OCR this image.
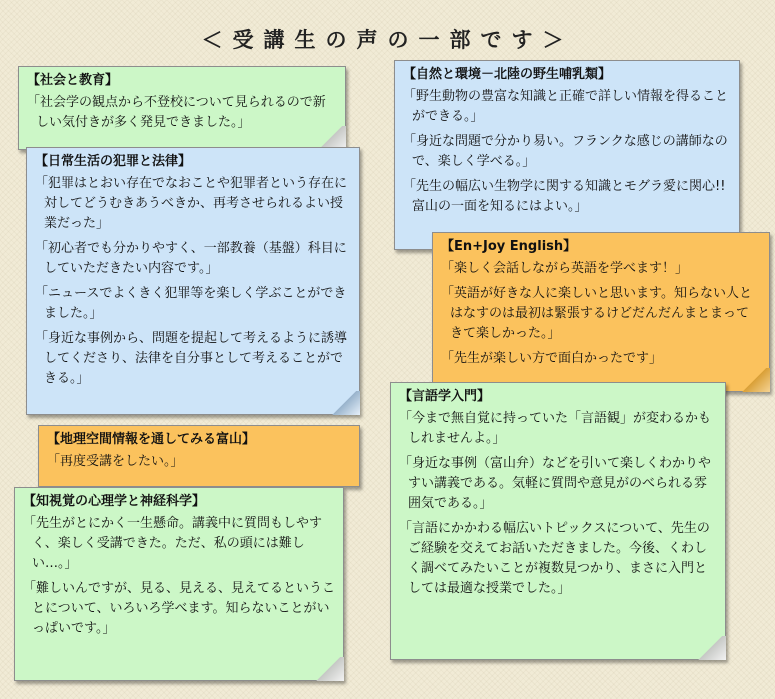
＜受講生の声の一部です＞
【社会と教育】
「社会学の観点から不登校について見られるので新しい気付きが多く発見できました。」
【日常生活の犯罪と法律】
「犯罪はとおい存在でなおことや犯罪者という存在に対してどうむきあうべきか、再考させられるよい授業だった」
「初心者でも分かりやすく、一部教養（基盤）科目にしていただきたい内容です。」
「ニュースでよくきく犯罪等を楽しく学ぶことができました。」
「身近な事例から、問題を提起して考えるように誘導してくださり、法律を自分事として考えることができる。」
【地理空間情報を通してみる富山】
「再度受講をしたい。」
【知視覚の心理学と神経科学】
「先生がとにかく一生懸命。講義中に質問もしやすく、楽しく受講できた。ただ、私の頭には難しい…。」
「難しいんですが、見る、見える、見えてるということについて、いろいろ学べます。知らないことがいっぱいです。」
【自然と環境－北陸の野生哺乳類】
「野生動物の豊富な知識と正確で詳しい情報を得ることができる。」
「身近な問題で分かり易い。フランクな感じの講師なので、楽しく学べる。」
「先生の幅広い生物学に関する知識とモグラ愛に関心!!富山の一面を知るにはよい。」
【En+Joy English】
「楽しく会話しながら英語を学べます！」
「英語が好きな人に楽しいと思います。知らない人とはなすのは最初は緊張するけどだんだんまとまってきて楽しかった。」
「先生が楽しい方で面白かったです」
【言語学入門】
「今まで無自覚に持っていた「言語観」が変わるかもしれませんよ。」
「身近な事例（富山弁）などを引いて楽しくわかりやすい講義である。気軽に質問や意見がのべられる雰囲気である。」
「言語にかかわる幅広いトピックスについて、先生のご経験を交えてお話いただきました。今後、くわしく調べてみたいことが複数見つかり、まさに入門としては最適な授業でした。」
